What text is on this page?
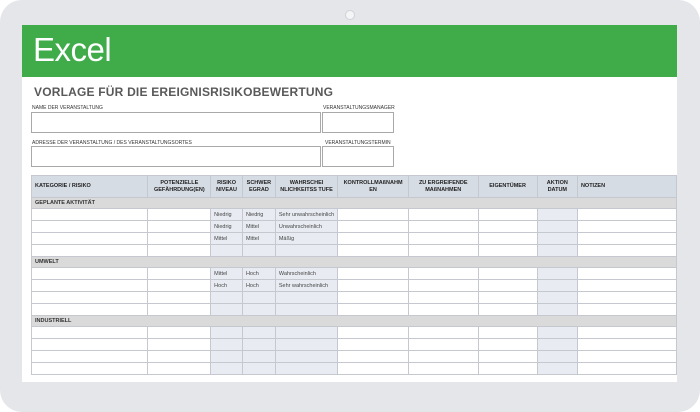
Excel
VORLAGE FÜR DIE EREIGNISRISIKOBEWERTUNG
NAME DER VERANSTALTUNG	VERANSTALTUNGSMANAGER
ADRESSE DER VERANSTALTUNG / DES VERANSTALTUNGSORTES	VERANSTALTUNGSTERMIN
KATEGORIE / RISIKO	POTENZIELLE GEFÄHRDUNG(EN)	RISIKO NIVEAU	SCHWER EGRAD	WAHRSCHEI NLICHKEITSS TUFE	KONTROLLMAßNAHM EN	ZU ERGREIFENDE MAßNAHMEN	EIGENTÜMER	AKTION DATUM	NOTIZEN
GEPLANTE AKTIVITÄT									
		Niedrig	Niedrig	Sehr unwahrscheinlich					
		Niedrig	Mittel	Unwahrscheinlich					
		Mittel	Mittel	Mäßig					

UMWELT									
		Mittel	Hoch	Wahrscheinlich					
		Hoch	Hoch	Sehr wahrscheinlich					

INDUSTRIELL									
